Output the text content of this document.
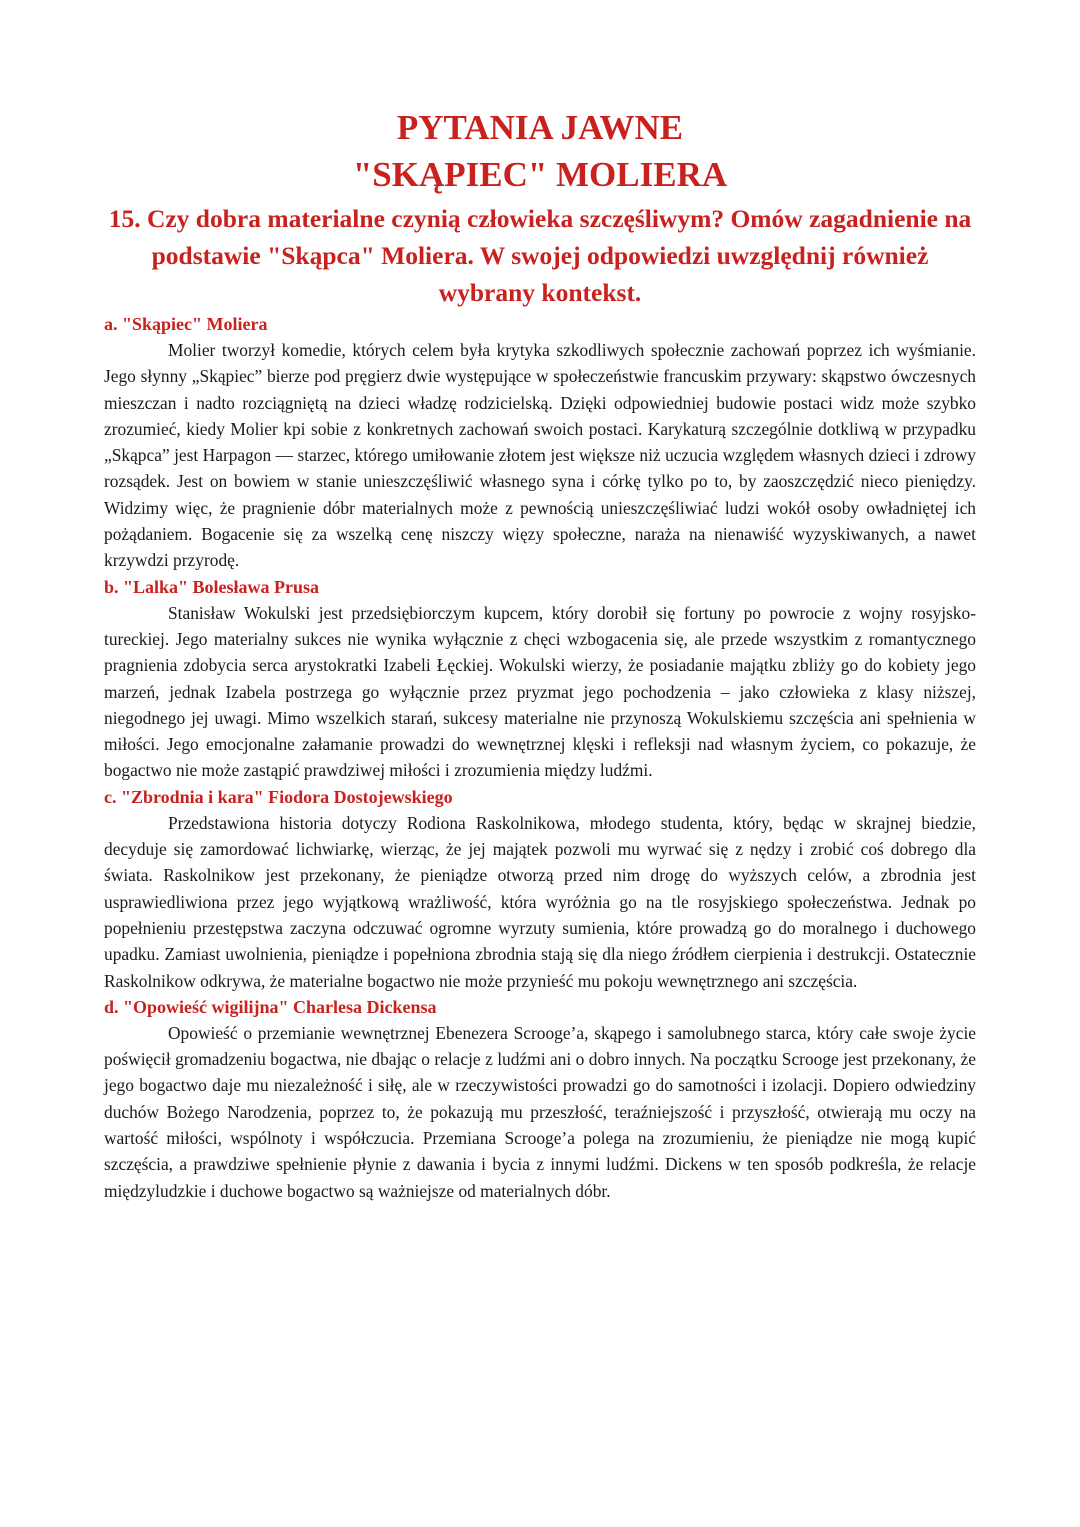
PYTANIA JAWNE
"SKĄPIEC" MOLIERA
15. Czy dobra materialne czynią człowieka szczęśliwym? Omów zagadnienie na podstawie "Skąpca" Moliera. W swojej odpowiedzi uwzględnij również wybrany kontekst.
a. "Skąpiec" Moliera

Molier tworzył komedie, których celem była krytyka szkodliwych społecznie zachowań poprzez ich wyśmianie. Jego słynny „Skąpiec” bierze pod pręgierz dwie występujące w społeczeństwie francuskim przywary: skąpstwo ówczesnych mieszczan i nadto rozciągniętą na dzieci władzę rodzicielską. Dzięki odpowiedniej budowie postaci widz może szybko zrozumieć, kiedy Molier kpi sobie z konkretnych zachowań swoich postaci. Karykaturą szczególnie dotkliwą w przypadku „Skąpca” jest Harpagon — starzec, którego umiłowanie złotem jest większe niż uczucia względem własnych dzieci i zdrowy rozsądek. Jest on bowiem w stanie unieszczęśliwić własnego syna i córkę tylko po to, by zaoszczędzić nieco pieniędzy. Widzimy więc, że pragnienie dóbr materialnych może z pewnością unieszczęśliwiać ludzi wokół osoby owładniętej ich pożądaniem. Bogacenie się za wszelką cenę niszczy więzy społeczne, naraża na nienawiść wyzyskiwanych, a nawet krzywdzi przyrodę.

b. "Lalka" Bolesława Prusa

Stanisław Wokulski jest przedsiębiorczym kupcem, który dorobił się fortuny po powrocie z wojny rosyjsko-tureckiej. Jego materialny sukces nie wynika wyłącznie z chęci wzbogacenia się, ale przede wszystkim z romantycznego pragnienia zdobycia serca arystokratki Izabeli Łęckiej. Wokulski wierzy, że posiadanie majątku zbliży go do kobiety jego marzeń, jednak Izabela postrzega go wyłącznie przez pryzmat jego pochodzenia – jako człowieka z klasy niższej, niegodnego jej uwagi. Mimo wszelkich starań, sukcesy materialne nie przynoszą Wokulskiemu szczęścia ani spełnienia w miłości. Jego emocjonalne załamanie prowadzi do wewnętrznej klęski i refleksji nad własnym życiem, co pokazuje, że bogactwo nie może zastąpić prawdziwej miłości i zrozumienia między ludźmi.

c. "Zbrodnia i kara" Fiodora Dostojewskiego

Przedstawiona historia dotyczy Rodiona Raskolnikowa, młodego studenta, który, będąc w skrajnej biedzie, decyduje się zamordować lichwiarkę, wierząc, że jej majątek pozwoli mu wyrwać się z nędzy i zrobić coś dobrego dla świata. Raskolnikow jest przekonany, że pieniądze otworzą przed nim drogę do wyższych celów, a zbrodnia jest usprawiedliwiona przez jego wyjątkową wrażliwość, która wyróżnia go na tle rosyjskiego społeczeństwa. Jednak po popełnieniu przestępstwa zaczyna odczuwać ogromne wyrzuty sumienia, które prowadzą go do moralnego i duchowego upadku. Zamiast uwolnienia, pieniądze i popełniona zbrodnia stają się dla niego źródłem cierpienia i destrukcji. Ostatecznie Raskolnikow odkrywa, że materialne bogactwo nie może przynieść mu pokoju wewnętrznego ani szczęścia.

d. "Opowieść wigilijna" Charlesa Dickensa

Opowieść o przemianie wewnętrznej Ebenezera Scrooge’a, skąpego i samolubnego starca, który całe swoje życie poświęcił gromadzeniu bogactwa, nie dbając o relacje z ludźmi ani o dobro innych. Na początku Scrooge jest przekonany, że jego bogactwo daje mu niezależność i siłę, ale w rzeczywistości prowadzi go do samotności i izolacji. Dopiero odwiedziny duchów Bożego Narodzenia, poprzez to, że pokazują mu przeszłość, teraźniejszość i przyszłość, otwierają mu oczy na wartość miłości, wspólnoty i współczucia. Przemiana Scrooge’a polega na zrozumieniu, że pieniądze nie mogą kupić szczęścia, a prawdziwe spełnienie płynie z dawania i bycia z innymi ludźmi. Dickens w ten sposób podkreśla, że relacje międzyludzkie i duchowe bogactwo są ważniejsze od materialnych dóbr.
